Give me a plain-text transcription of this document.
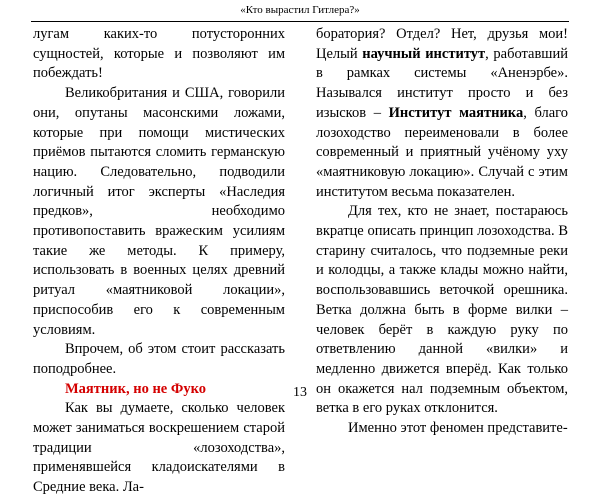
«Кто вырастил Гитлера?»

лугам каких-то потусторонних сущностей, которые и позволяют им побеждать!

Великобритания и США, говорили они, опутаны масонскими ложами, которые при помощи мистических приёмов пытаются сломить германскую нацию. Следовательно, подводили логичный итог эксперты «Наследия предков», необходимо противопоставить вражеским усилиям такие же методы. К примеру, использовать в военных целях древний ритуал «маятниковой локации», приспособив его к современным условиям.

Впрочем, об этом стоит рассказать поподробнее.

Маятник, но не Фуко

Как вы думаете, сколько человек может заниматься воскрешением старой традиции «лозоходства», применявшейся кладоискателями в Средние века. Ла-

боратория? Отдел? Нет, друзья мои! Целый научный институт, работавший в рамках системы «Аненэрбе». Назывался институт просто и без изысков – Институт маятника, благо лозоходство переименовали в более современный и приятный учёному уху «маятниковую локацию». Случай с этим институтом весьма показателен.

Для тех, кто не знает, постараюсь вкратце описать принцип лозоходства. В старину считалось, что подземные реки и колодцы, а также клады можно найти, воспользовавшись веточкой орешника. Ветка должна быть в форме вилки – человек берёт в каждую руку по ответвлению данной «вилки» и медленно движется вперёд. Как только он окажется нал подземным объектом, ветка в его руках отклонится.

Именно этот феномен представите-

13
